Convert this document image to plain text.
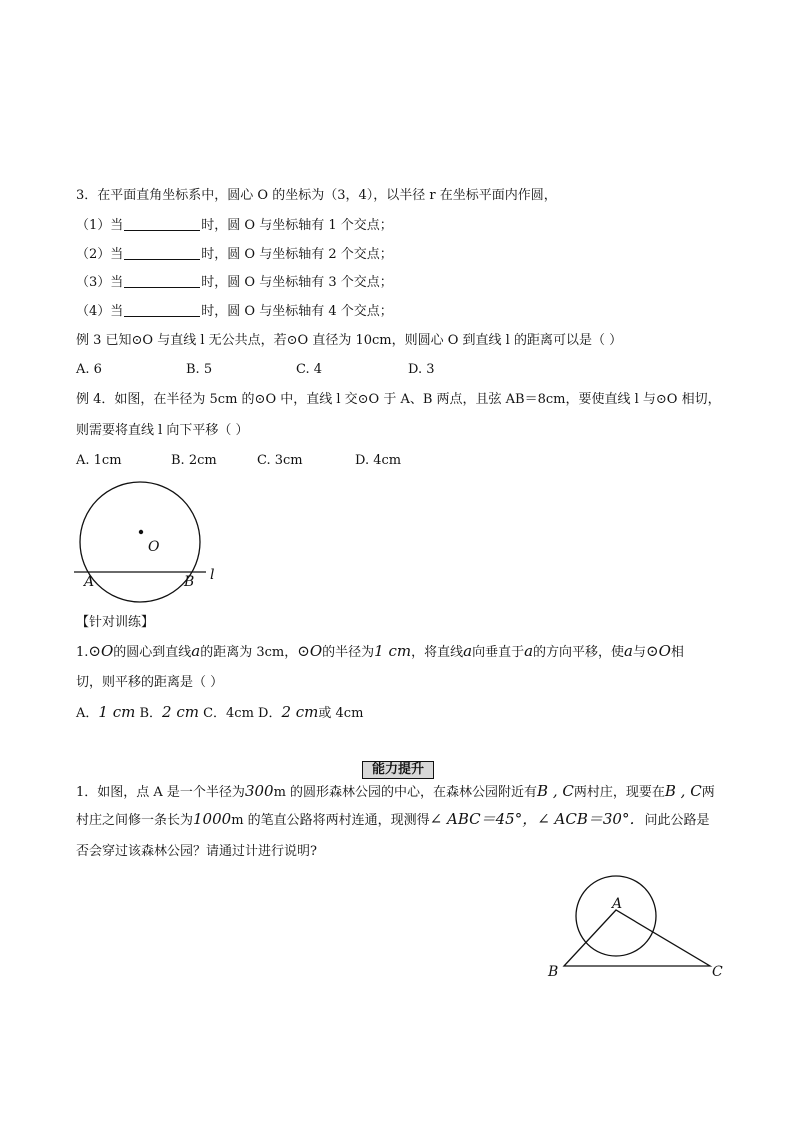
3．在平面直角坐标系中，圆心 O 的坐标为（3，4），以半径 r 在坐标平面内作圆，
（1）当	时，圆 O 与坐标轴有 1 个交点；
（2）当	时，圆 O 与坐标轴有 2 个交点；
（3）当	时，圆 O 与坐标轴有 3 个交点；
（4）当	时，圆 O 与坐标轴有 4 个交点；
例 3 已知⊙O 与直线 l 无公共点，若⊙O 直径为 10cm，则圆心 O 到直线 l 的距离可以是（ ）
A. 6	B. 5	C. 4	D. 3
例 4．如图，在半径为 5cm 的⊙O 中，直线 l 交⊙O 于 A、B 两点，且弦 AB＝8cm，要使直线 l 与⊙O 相切，
则需要将直线 l 向下平移（ ）
A. 1cm	B. 2cm	C. 3cm	D. 4cm
O
A	B l
【针对训练】
1.⊙O的圆心到直线a的距离为 3cm，⊙O的半径为1 cm，将直线a向垂直于a的方向平移，使a与⊙O相
切，则平移的距离是（ ）
A．1 cm B．2 cm C．4cm D．2 cm或 4cm
能力提升
1．如图，点 A 是一个半径为300m 的圆形森林公园的中心，在森林公园附近有B , C两村庄，现要在B , C两
村庄之间修一条长为1000m 的笔直公路将两村连通，现测得∠ ABC＝45°，∠ ACB＝30°．问此公路是
否会穿过该森林公园？请通过计进行说明?
A
B	C
